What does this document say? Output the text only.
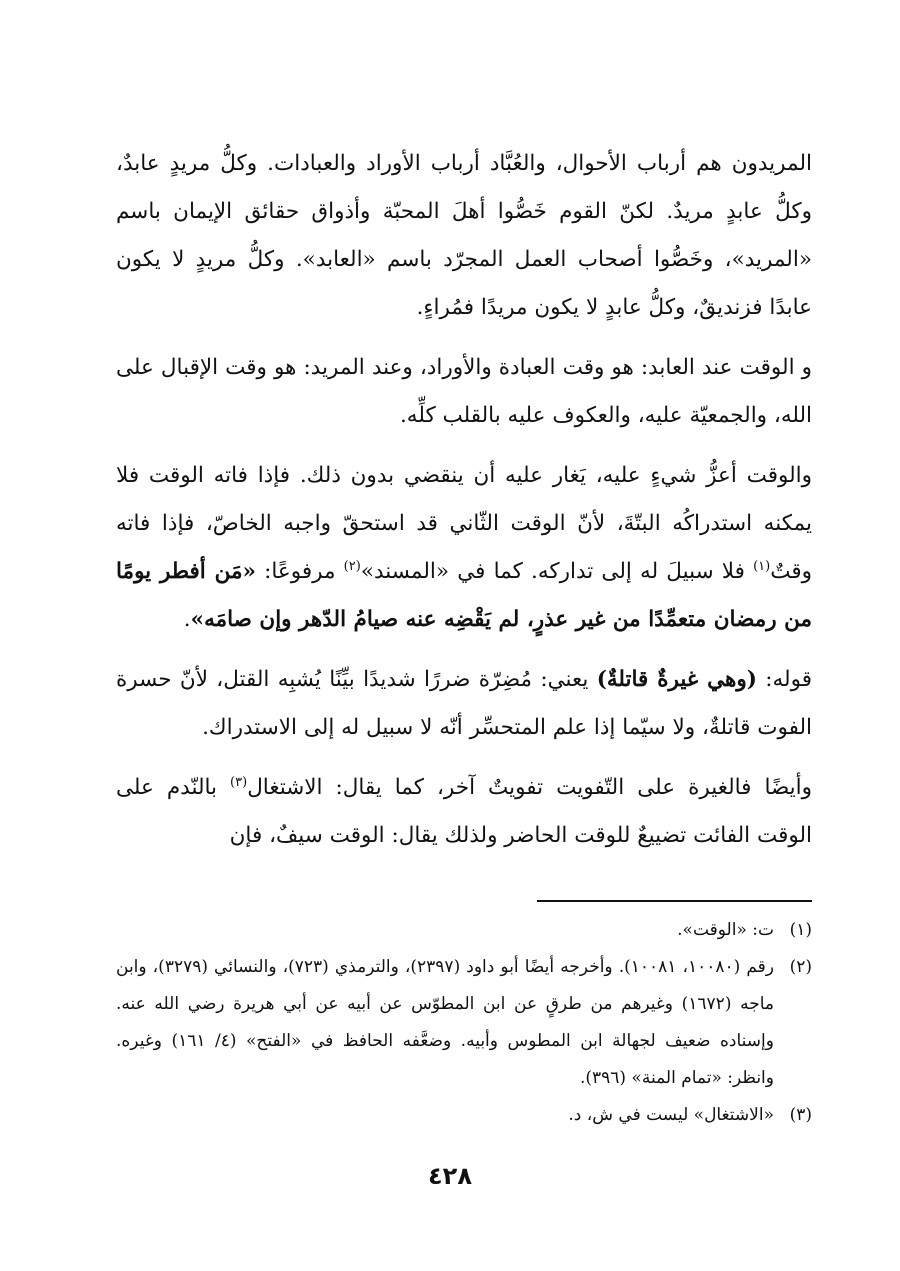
المريدون هم أرباب الأحوال، والعُبَّاد أرباب الأوراد والعبادات. وكلُّ مريدٍ عابدٌ، وكلُّ عابدٍ مريدٌ. لكنّ القوم خَصُّوا أهلَ المحبّة وأذواق حقائق الإيمان باسم «المريد»، وخَصُّوا أصحاب العمل المجرّد باسم «العابد». وكلُّ مريدٍ لا يكون عابدًا فزنديقٌ، وكلُّ عابدٍ لا يكون مريدًا فمُراءٍ.

و الوقت عند العابد: هو وقت العبادة والأوراد، وعند المريد: هو وقت الإقبال على الله، والجمعيّة عليه، والعكوف عليه بالقلب كلِّه.

والوقت أعزُّ شيءٍ عليه، يَغار عليه أن ينقضي بدون ذلك. فإذا فاته الوقت فلا يمكنه استدراكُه البتّةَ، لأنّ الوقت الثّاني قد استحقّ واجبه الخاصّ، فإذا فاته وقتٌ$^{(١)}$ فلا سبيلَ له إلى تداركه. كما في «المسند»$^{(٢)}$ مرفوعًا: «مَن أفطر يومًا من رمضان متعمِّدًا من غير عذرٍ، لم يَقْضِه عنه صيامُ الدّهر وإن صامَه».

قوله: (وهي غيرةٌ قاتلةٌ) يعني: مُضِرّة ضررًا شديدًا بيِّنًا يُشبِه القتل، لأنّ حسرة الفوت قاتلةٌ، ولا سيّما إذا علم المتحسِّر أنّه لا سبيل له إلى الاستدراك.

وأيضًا فالغيرة على التّفويت تفويتٌ آخر، كما يقال: الاشتغال$^{(٣)}$ بالنّدم على الوقت الفائت تضييعٌ للوقت الحاضر ولذلك يقال: الوقت سيفٌ، فإن

(١)
ت: «الوقت».
(٢)
رقم (١٠٠٨٠، ١٠٠٨١). وأخرجه أيضًا أبو داود (٢٣٩٧)، والترمذي (٧٢٣)، والنسائي (٣٢٧٩)، وابن ماجه (١٦٧٢) وغيرهم من طرقٍ عن ابن المطوّس عن أبيه عن أبي هريرة رضي الله عنه. وإسناده ضعيف لجهالة ابن المطوس وأبيه. وضعَّفه الحافظ في «الفتح» (٤/ ١٦١) وغيره. وانظر: «تمام المنة» (٣٩٦).
(٣)
«الاشتغال» ليست في ش، د.
٤٢٨
